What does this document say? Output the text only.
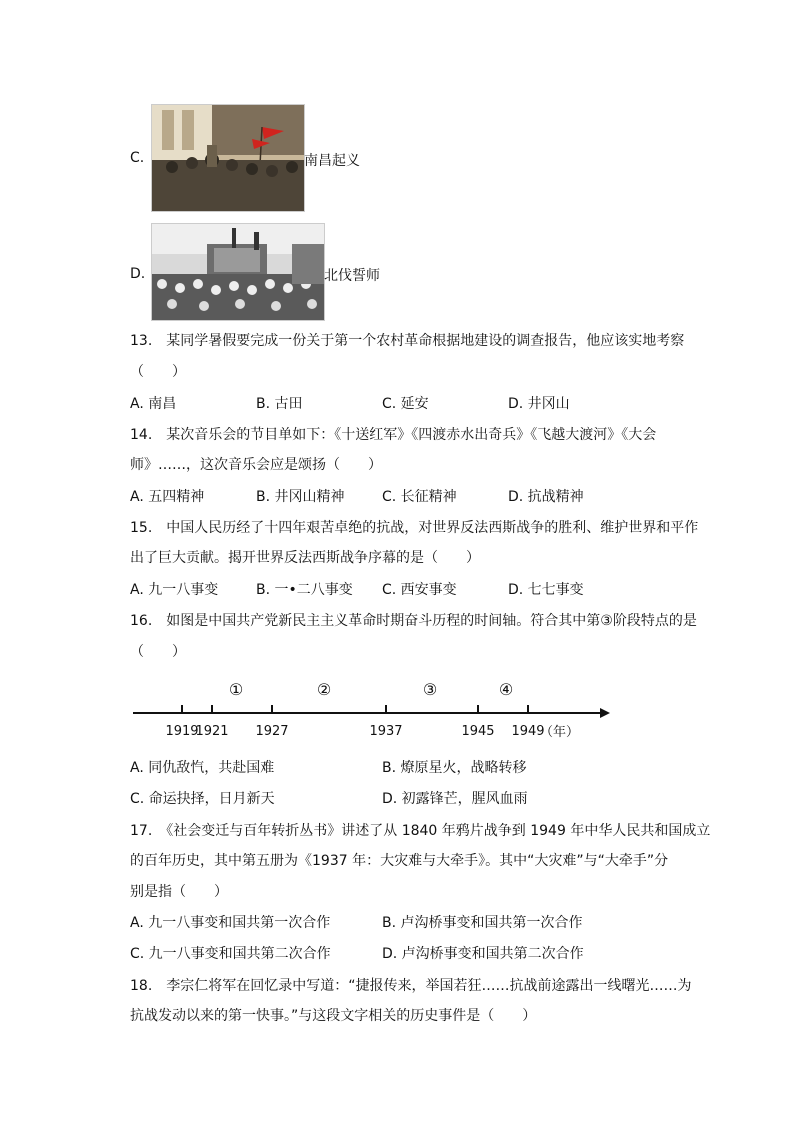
C.	南昌起义
D.	北伐誓师
13.　某同学暑假要完成一份关于第一个农村革命根据地建设的调查报告，他应该实地考察
（　　）
A. 南昌	B. 古田	C. 延安	D. 井冈山
14.　某次音乐会的节目单如下：《十送红军》《四渡赤水出奇兵》《飞越大渡河》《大会
师》……，这次音乐会应是颂扬（　　）
A. 五四精神	B. 井冈山精神	C. 长征精神	D. 抗战精神
15.　中国人民历经了十四年艰苦卓绝的抗战，对世界反法西斯战争的胜利、维护世界和平作
出了巨大贡献。揭开世界反法西斯战争序幕的是（　　）
A. 九一八事变	B. 一•二八事变 C. 西安事变	D. 七七事变
16.　如图是中国共产党新民主主义革命时期奋斗历程的时间轴。符合其中第③阶段特点的是
（　　）
1919
1921 1927	1937	1945 1949
①	②	③	④
（年）
A. 同仇敌忾，共赴国难	B. 燎原星火，战略转移
C. 命运抉择，日月新天	D. 初露锋芒，腥风血雨
17.　《社会变迁与百年转折丛书》讲述了从 1840 年鸦片战争到 1949 年中华人民共和国成立
的百年历史，其中第五册为《1937 年：大灾难与大牵手》。其中“大灾难”与“大牵手”分
别是指（　　）
A. 九一八事变和国共第一次合作	B. 卢沟桥事变和国共第一次合作
C. 九一八事变和国共第二次合作	D. 卢沟桥事变和国共第二次合作
18.　李宗仁将军在回忆录中写道：“捷报传来，举国若狂……抗战前途露出一线曙光……为
抗战发动以来的第一快事。”与这段文字相关的历史事件是（　　）
